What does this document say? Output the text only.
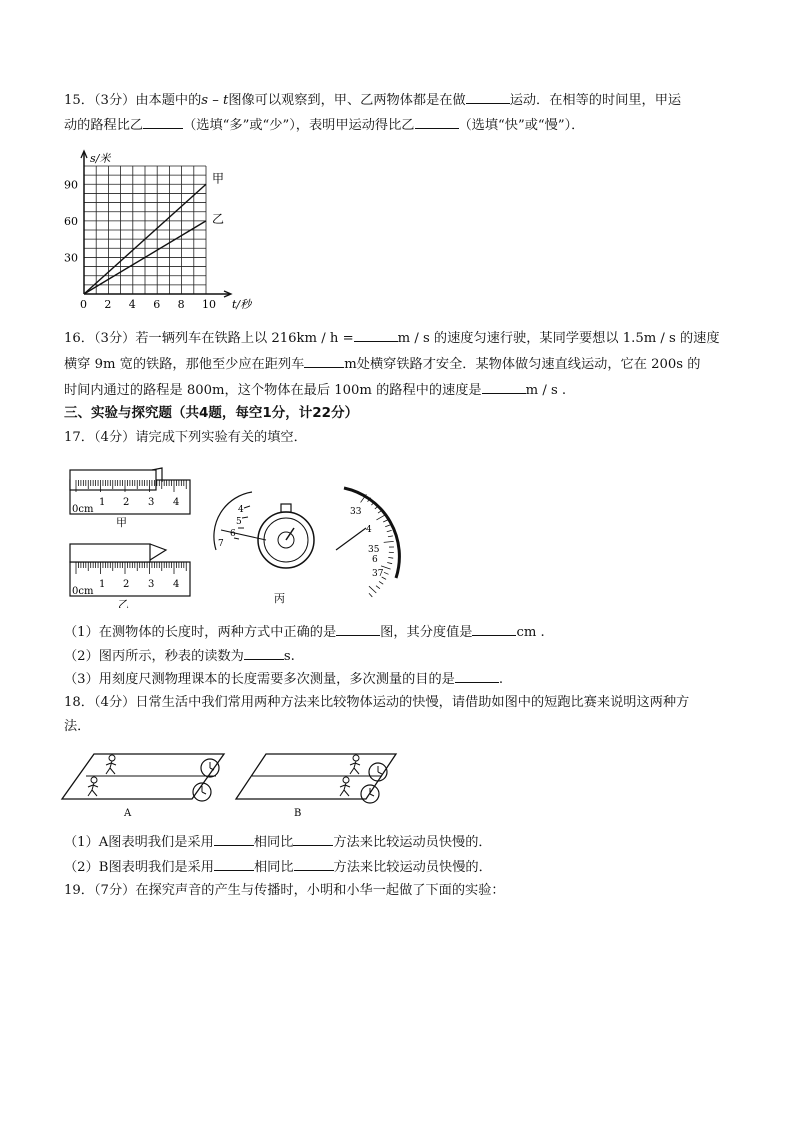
15．（3分）由本题中的s – t图像可以观察到，甲、乙两物体都是在做	运动．在相等的时间里，甲运
动的路程比乙	（选填“多”或“少”），表明甲运动得比乙	（选填“快”或“慢”）．
90
60
30
0 2 4 6 8 10
s/米
t/秒
甲
乙
16．（3分）若一辆列车在铁路上以 216km / h =	m / s 的速度匀速行驶，某同学要想以 1.5m / s 的速度
横穿 9m 宽的铁路，那他至少应在距列车	m处横穿铁路才安全．某物体做匀速直线运动，它在 200s 的
时间内通过的路程是 800m，这个物体在最后 100m 的路程中的速度是	m / s .
三、实验与探究题（共4题，每空1分，计22分）
17．（4分）请完成下列实验有关的填空．
0cm
1 2 3 4
甲
0cm
1 2 3 4
乙	丙
4
5
6
7
33
4
35
6
37
（1）在测物体的长度时，两种方式中正确的是	图，其分度值是	cm .
（2）图丙所示，秒表的读数为	s.
（3）用刻度尺测物理课本的长度需要多次测量，多次测量的目的是	.
18．（4分）日常生活中我们常用两种方法来比较物体运动的快慢，请借助如图中的短跑比赛来说明这两种方
法．
A	B
（1）A图表明我们是采用	相同比	方法来比较运动员快慢的．
（2）B图表明我们是采用	相同比	方法来比较运动员快慢的．
19．（7分）在探究声音的产生与传播时，小明和小华一起做了下面的实验：
